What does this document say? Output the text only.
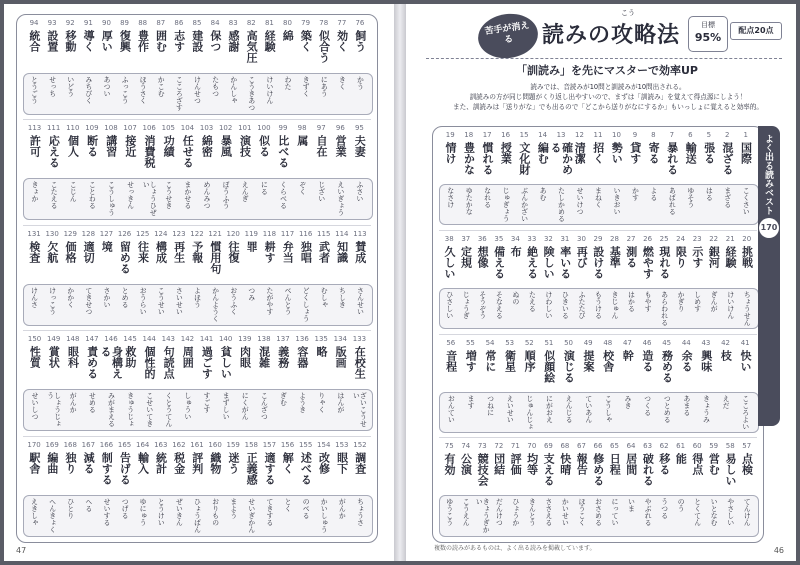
94
統合
とうごう
93
設置
せっち
92
移動
いどう
91
導く
みちびく
90
厚い
あつい
89
復興
ふっこう
88
豊作
ほうさく
87
囲む
かこむ
86
志す
こころざす
85
建設
けんせつ
84
保つ
たもつ
83
感謝
かんしゃ
82
高気圧
こうきあつ
81
経験
けいけん
80
綿
わた
79
築く
きずく
78
似合う
にあう
77
効く
きく
76
飼う
かう
113
許可
きょか
111
応える
こたえる
110
個人
こじん
109
断る
ことわる
108
講習
こうしゅう
107
接近
せっきん
106
消費税
しょうひぜい
105
功績
こうせき
104
任せる
まかせる
103
綿密
めんみつ
102
暴風
ぼうふう
101
演技
えんぎ
100
似る
にる
99
比べる
くらべる
98
属
ぞく
97
自在
じざい
96
営業
えいぎょう
95
夫妻
ふさい
131
検査
けんさ
130
欠航
けっこう
129
価格
かかく
128
適切
てきせつ
127
境
さかい
126
留める
とめる
125
往来
おうらい
124
構成
こうせい
123
再生
さいせい
122
予報
よほう
121
慣用句
かんようく
120
往復
おうふく
119
罪
つみ
118
耕す
たがやす
117
弁当
べんとう
116
独唱
どくしょう
115
武者
むしゃ
114
知識
ちしき
113
賛成
さんせい
150
性質
せいしつ
149
賞状
しょうじょう
148
眼科
がんか
147
責める
せめる
146
身構える
みがまえる
145
救助
きゅうじょ
144
個性的
こせいてき
143
句読点
くとうてん
142
周囲
しゅうい
141
過ごす
すごす
140
貧しい
まずしい
139
肉眼
にくがん
138
混雑
こんざつ
137
義務
ぎむ
136
容器
ようき
135
略
りゃく
134
版画
はんが
133
在校生
ざいこうせい
170
駅舎
えきしゃ
169
編曲
へんきょく
168
独り
ひとり
167
減る
へる
166
制する
せいする
165
告げる
つげる
164
輸入
ゆにゅう
163
統計
とうけい
162
税金
ぜいきん
161
評判
ひょうばん
160
織物
おりもの
159
迷う
まよう
158
正義感
せいぎかん
157
適する
てきする
156
解く
とく
155
述べる
のべる
154
改修
かいしゅう
153
眼下
がんか
152
調査
ちょうさ
47
苦手が消える
こう
読みの攻略法	目標
95%
配点20点
「訓読み」を先にマスターで効率UP
読みでは、音読みが10問と訓読みが10問出される。
訓読みの方が同じ問題がくり返し出やすいので、まずは「訓読み」を覚えて得点源にしよう！
また、訓読みは「送りがな」でも出るので「どこから送りがなにするか」もいっしょに覚えると効率的。
19
情け
なさけ
18
豊かな
ゆたかな
17
慣れる
なれる
16
授業
じゅぎょう
15
文化財
ぶんかざい
14
編む
あむ
13
確かめる
たしかめる
12
清潔
せいけつ
11
招く
まねく
10
勢い
いきおい
9
貸す
かす
8
寄る
よる
7
暴れる
あばれる
6
輸送
ゆそう
5
張る
はる
2
混ざる
まざる
1
国際
こくさい
38
久しい
ひさしい
37
定規
じょうぎ
36
想像
そうぞう
35
備える
そなえる
34
布
ぬの
33
絶える
たえる
32
険しい
けわしい
31
率いる
ひきいる
30
再び
ふたたび
29
設ける
もうける
28
基準
きじゅん
27
測る
はかる
26
燃やす
もやす
25
現れる
あらわれる
24
限り
かぎり
23
示す
しめす
22
銀河
ぎんが
21
経験
けいけん
20
挑戦
ちょうせん
56
音程
おんてい
55
増す
ます
54
常に
つねに
53
衛星
えいせい
52
順序
じゅんじょ
51
似顔絵
にがおえ
50
演じる
えんじる
49
提案
ていあん
48
校舎
こうしゃ
47
幹
みき
46
造る
つくる
45
務める
つとめる
44
余る
あまる
43
興味
きょうみ
42
枝
えだ
41
快い
こころよい
75
有効
ゆうこう
74
公演
こうえん
73
競技会
きょうぎかい
72
団結
だんけつ
71
評価
ひょうか
70
均等
きんとう
69
支える
ささえる
68
快晴
かいせい
67
報告
ほうこく
66
修める
おさめる
65
日程
にってい
64
居間
いま
63
破れる
やぶれる
62
移る
うつる
61
能
のう
60
得点
とくてん
59
営む
いとなむ
58
易しい
やさしい
57
点検
てんけん
よく出る読みベスト
170
複数の読みがあるものは、よく出る読みを掲載しています。	46
